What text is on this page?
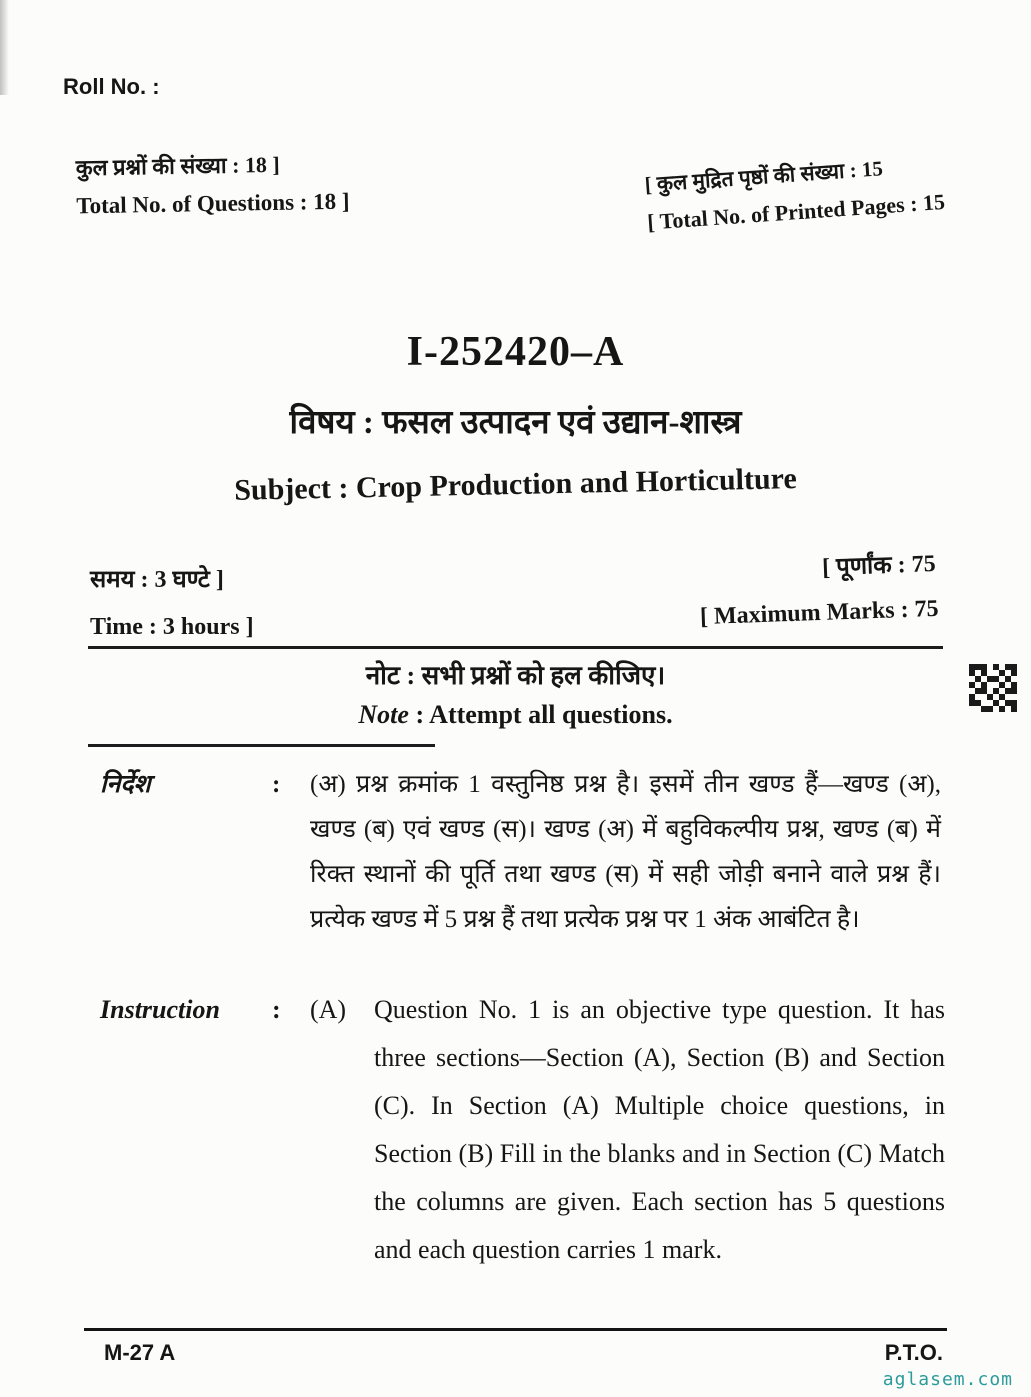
Roll No. :
कुल प्रश्नों की संख्या : 18 ]
Total No. of Questions : 18 ]
[ कुल मुद्रित पृष्ठों की संख्या : 15
[ Total No. of Printed Pages : 15
I-252420–A
विषय : फसल उत्पादन एवं उद्यान-शास्त्र
Subject : Crop Production and Horticulture
समय : 3 घण्टे ]
Time : 3 hours ]
[ पूर्णांक : 75
[ Maximum Marks : 75
नोट : सभी प्रश्नों को हल कीजिए।
Note : Attempt all questions.
निर्देश	:	(अ) प्रश्न क्रमांक 1 वस्तुनिष्ठ प्रश्न है। इसमें तीन खण्ड हैं—खण्ड (अ), खण्ड (ब) एवं खण्ड (स)। खण्ड (अ) में बहुविकल्पीय प्रश्न, खण्ड (ब) में रिक्त स्थानों की पूर्ति तथा खण्ड (स) में सही जोड़ी बनाने वाले प्रश्न हैं। प्रत्येक खण्ड में 5 प्रश्न हैं तथा प्रत्येक प्रश्न पर 1 अंक आबंटित है।
Instruction	:	(A)	Question No. 1 is an objective type question. It has three sections—Section (A), Section (B) and Section (C). In Section (A) Multiple choice questions, in Section (B) Fill in the blanks and in Section (C) Match the columns are given. Each section has 5 questions and each question carries 1 mark.
M-27 A	P.T.O.
aglasem.com
